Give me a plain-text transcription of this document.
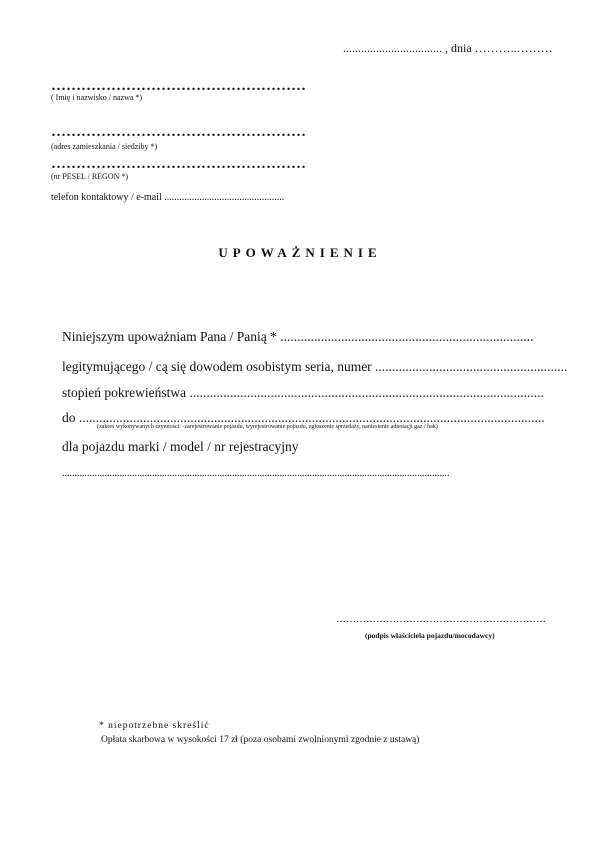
................................. , dnia ………..………
……………………………………………
( Imię i nazwisko / nazwa *)
……………………………………………
(adres zamieszkania / siedziby *)
……………………………………………
(nr PESEL / REGON *)
telefon kontaktowy / e-mail ................................................
UPOWAŻNIENIE
Niniejszym upoważniam Pana / Panią * ...........................................................................
legitymującego / cą się dowodem osobistym seria, numer .........................................................
stopień pokrewieństwa .........................................................................................................
do ..........................................................................................................................................
(zakres wykonywanych czynności: -zarejestrowanie pojazdu, wyrejestrowanie pojazdu, zgłoszenie sprzedaży, naniesienie adnotacji gaz / hak)
dla pojazdu marki / model / nr rejestracyjny
...........................................................................................................................................................
………………………………………………………
(podpis właściciela pojazdu/mocodawcy)
* niepotrzebne skreślić
Opłata skarbowa w wysokości 17 zł (poza osobami zwolnionymi zgodnie z ustawą)
